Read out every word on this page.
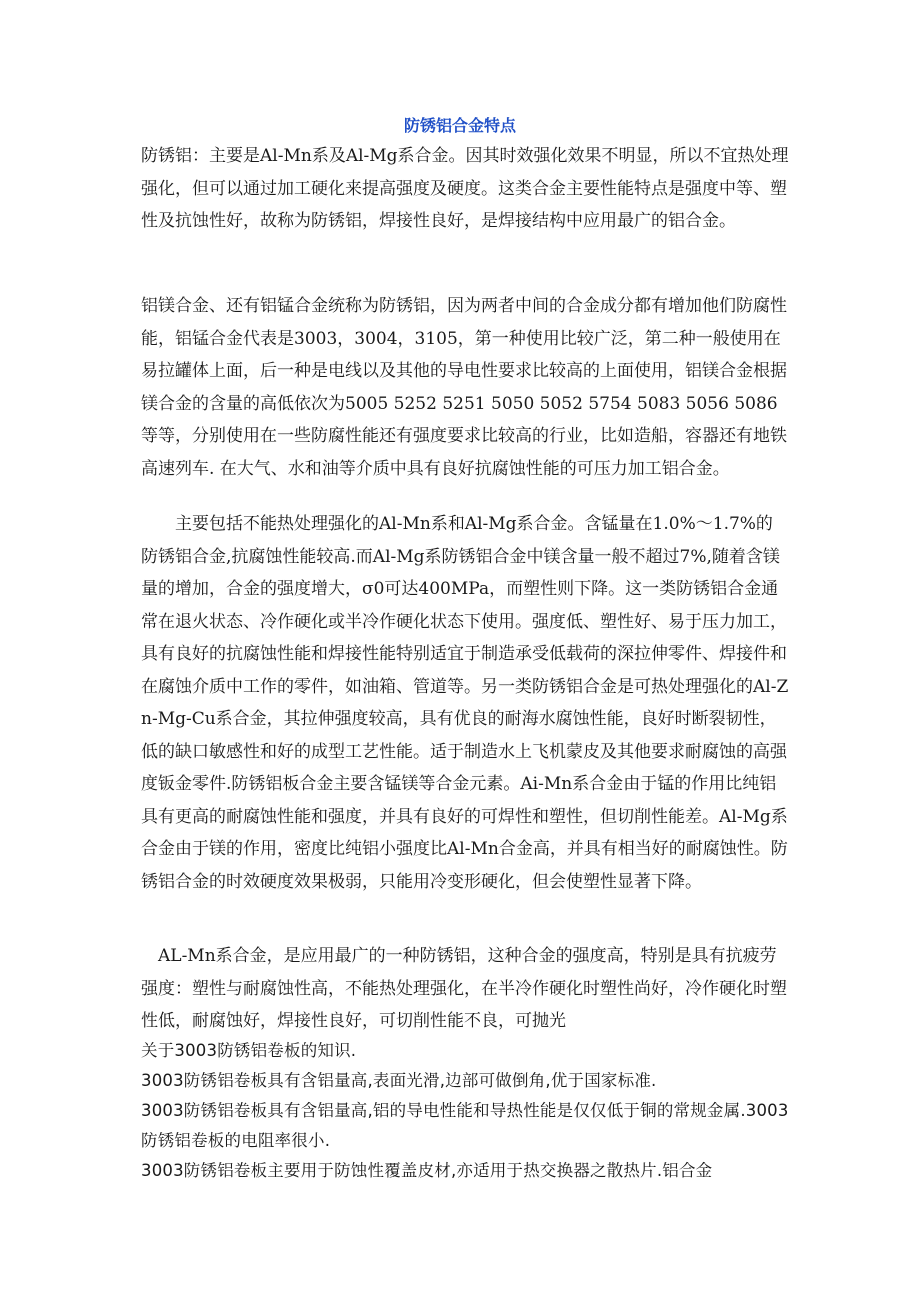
防锈铝合金特点

防锈铝：主要是Al-Mn系及Al-Mg系合金。因其时效强化效果不明显，所以不宜热处理强化，但可以通过加工硬化来提高强度及硬度。这类合金主要性能特点是强度中等、塑性及抗蚀性好，故称为防锈铝，焊接性良好，是焊接结构中应用最广的铝合金。

铝镁合金、还有铝锰合金统称为防锈铝，因为两者中间的合金成分都有增加他们防腐性能，铝锰合金代表是3003，3004，3105，第一种使用比较广泛，第二种一般使用在易拉罐体上面，后一种是电线以及其他的导电性要求比较高的上面使用，铝镁合金根据镁合金的含量的高低依次为5005 5252 5251 5050 5052 5754 5083 5056 5086等等，分别使用在一些防腐性能还有强度要求比较高的行业，比如造船，容器还有地铁高速列车. 在大气、水和油等介质中具有良好抗腐蚀性能的可压力加工铝合金。

主要包括不能热处理强化的Al-Mn系和Al-Mg系合金。含锰量在1.0%～1.7%的防锈铝合金,抗腐蚀性能较高.而Al-Mg系防锈铝合金中镁含量一般不超过7%,随着含镁量的增加，合金的强度增大，σ0可达400MPa，而塑性则下降。这一类防锈铝合金通常在退火状态、冷作硬化或半冷作硬化状态下使用。强度低、塑性好、易于压力加工，具有良好的抗腐蚀性能和焊接性能特别适宜于制造承受低载荷的深拉伸零件、焊接件和在腐蚀介质中工作的零件，如油箱、管道等。另一类防锈铝合金是可热处理强化的Al-Zn-Mg-Cu系合金，其拉伸强度较高，具有优良的耐海水腐蚀性能，良好时断裂韧性，低的缺口敏感性和好的成型工艺性能。适于制造水上飞机蒙皮及其他要求耐腐蚀的高强度钣金零件.防锈铝板合金主要含锰镁等合金元素。Ai-Mn系合金由于锰的作用比纯铝具有更高的耐腐蚀性能和强度，并具有良好的可焊性和塑性，但切削性能差。Al-Mg系合金由于镁的作用，密度比纯铝小强度比Al-Mn合金高，并具有相当好的耐腐蚀性。防锈铝合金的时效硬度效果极弱，只能用冷变形硬化，但会使塑性显著下降。

AL-Mn系合金，是应用最广的一种防锈铝，这种合金的强度高，特别是具有抗疲劳强度：塑性与耐腐蚀性高，不能热处理强化，在半冷作硬化时塑性尚好，冷作硬化时塑性低，耐腐蚀好，焊接性良好，可切削性能不良，可抛光

关于3003防锈铝卷板的知识.

3003防锈铝卷板具有含铝量高,表面光滑,边部可做倒角,优于国家标准.

3003防锈铝卷板具有含铝量高,铝的导电性能和导热性能是仅仅低于铜的常规金属.3003防锈铝卷板的电阻率很小.

3003防锈铝卷板主要用于防蚀性覆盖皮材,亦适用于热交换器之散热片.铝合金
